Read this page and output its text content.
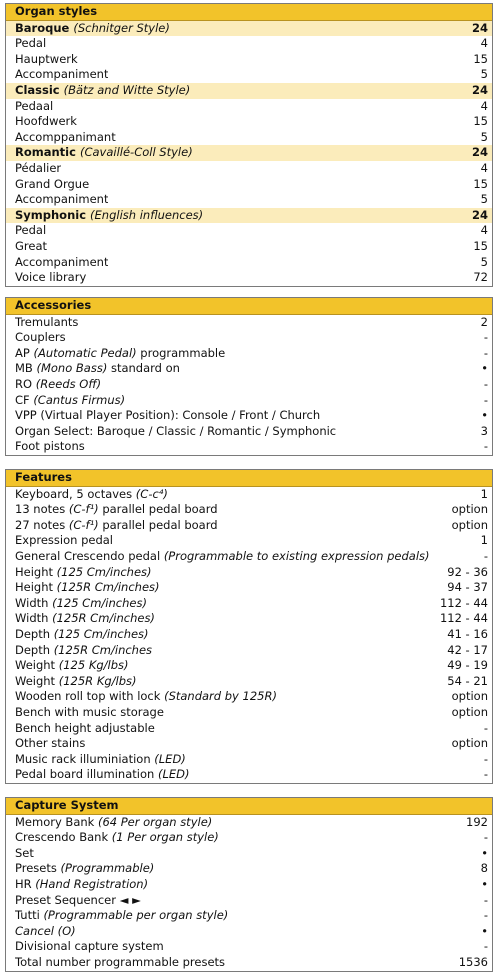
Organ styles
Baroque (Schnitger Style)	24
Pedal	4
Hauptwerk	15
Accompaniment	5
Classic (Bätz and Witte Style)	24
Pedaal	4
Hoofdwerk	15
Accomppanimant	5
Romantic (Cavaillé-Coll Style)	24
Pédalier	4
Grand Orgue	15
Accompaniment	5
Symphonic (English influences)	24
Pedal	4
Great	15
Accompaniment	5
Voice library	72
Accessories
Tremulants	2
Couplers	-
AP (Automatic Pedal) programmable	-
MB (Mono Bass) standard on	•
RO (Reeds Off)	-
CF (Cantus Firmus)	-
VPP (Virtual Player Position): Console / Front / Church	•
Organ Select: Baroque / Classic / Romantic / Symphonic	3
Foot pistons	-
Features
Keyboard, 5 octaves (C-c⁴)	1
13 notes (C-f¹) parallel pedal board	option
27 notes (C-f¹) parallel pedal board	option
Expression pedal	1
General Crescendo pedal (Programmable to existing expression pedals)	-
Height (125 Cm/inches)	92 - 36
Height (125R Cm/inches)	94 - 37
Width (125 Cm/inches)	112 - 44
Width (125R Cm/inches)	112 - 44
Depth (125 Cm/inches)	41 - 16
Depth (125R Cm/inches	42 - 17
Weight (125 Kg/lbs)	49 - 19
Weight (125R Kg/lbs)	54 - 21
Wooden roll top with lock (Standard by 125R)	option
Bench with music storage	option
Bench height adjustable	-
Other stains	option
Music rack illuminiation (LED)	-
Pedal board illumination (LED)	-
Capture System
Memory Bank (64 Per organ style)	192
Crescendo Bank (1 Per organ style)	-
Set	•
Presets (Programmable)	8
HR (Hand Registration)	•
Preset Sequencer ◄ ►	-
Tutti (Programmable per organ style)	-
Cancel (O)	•
Divisional capture system	-
Total number programmable presets	1536
